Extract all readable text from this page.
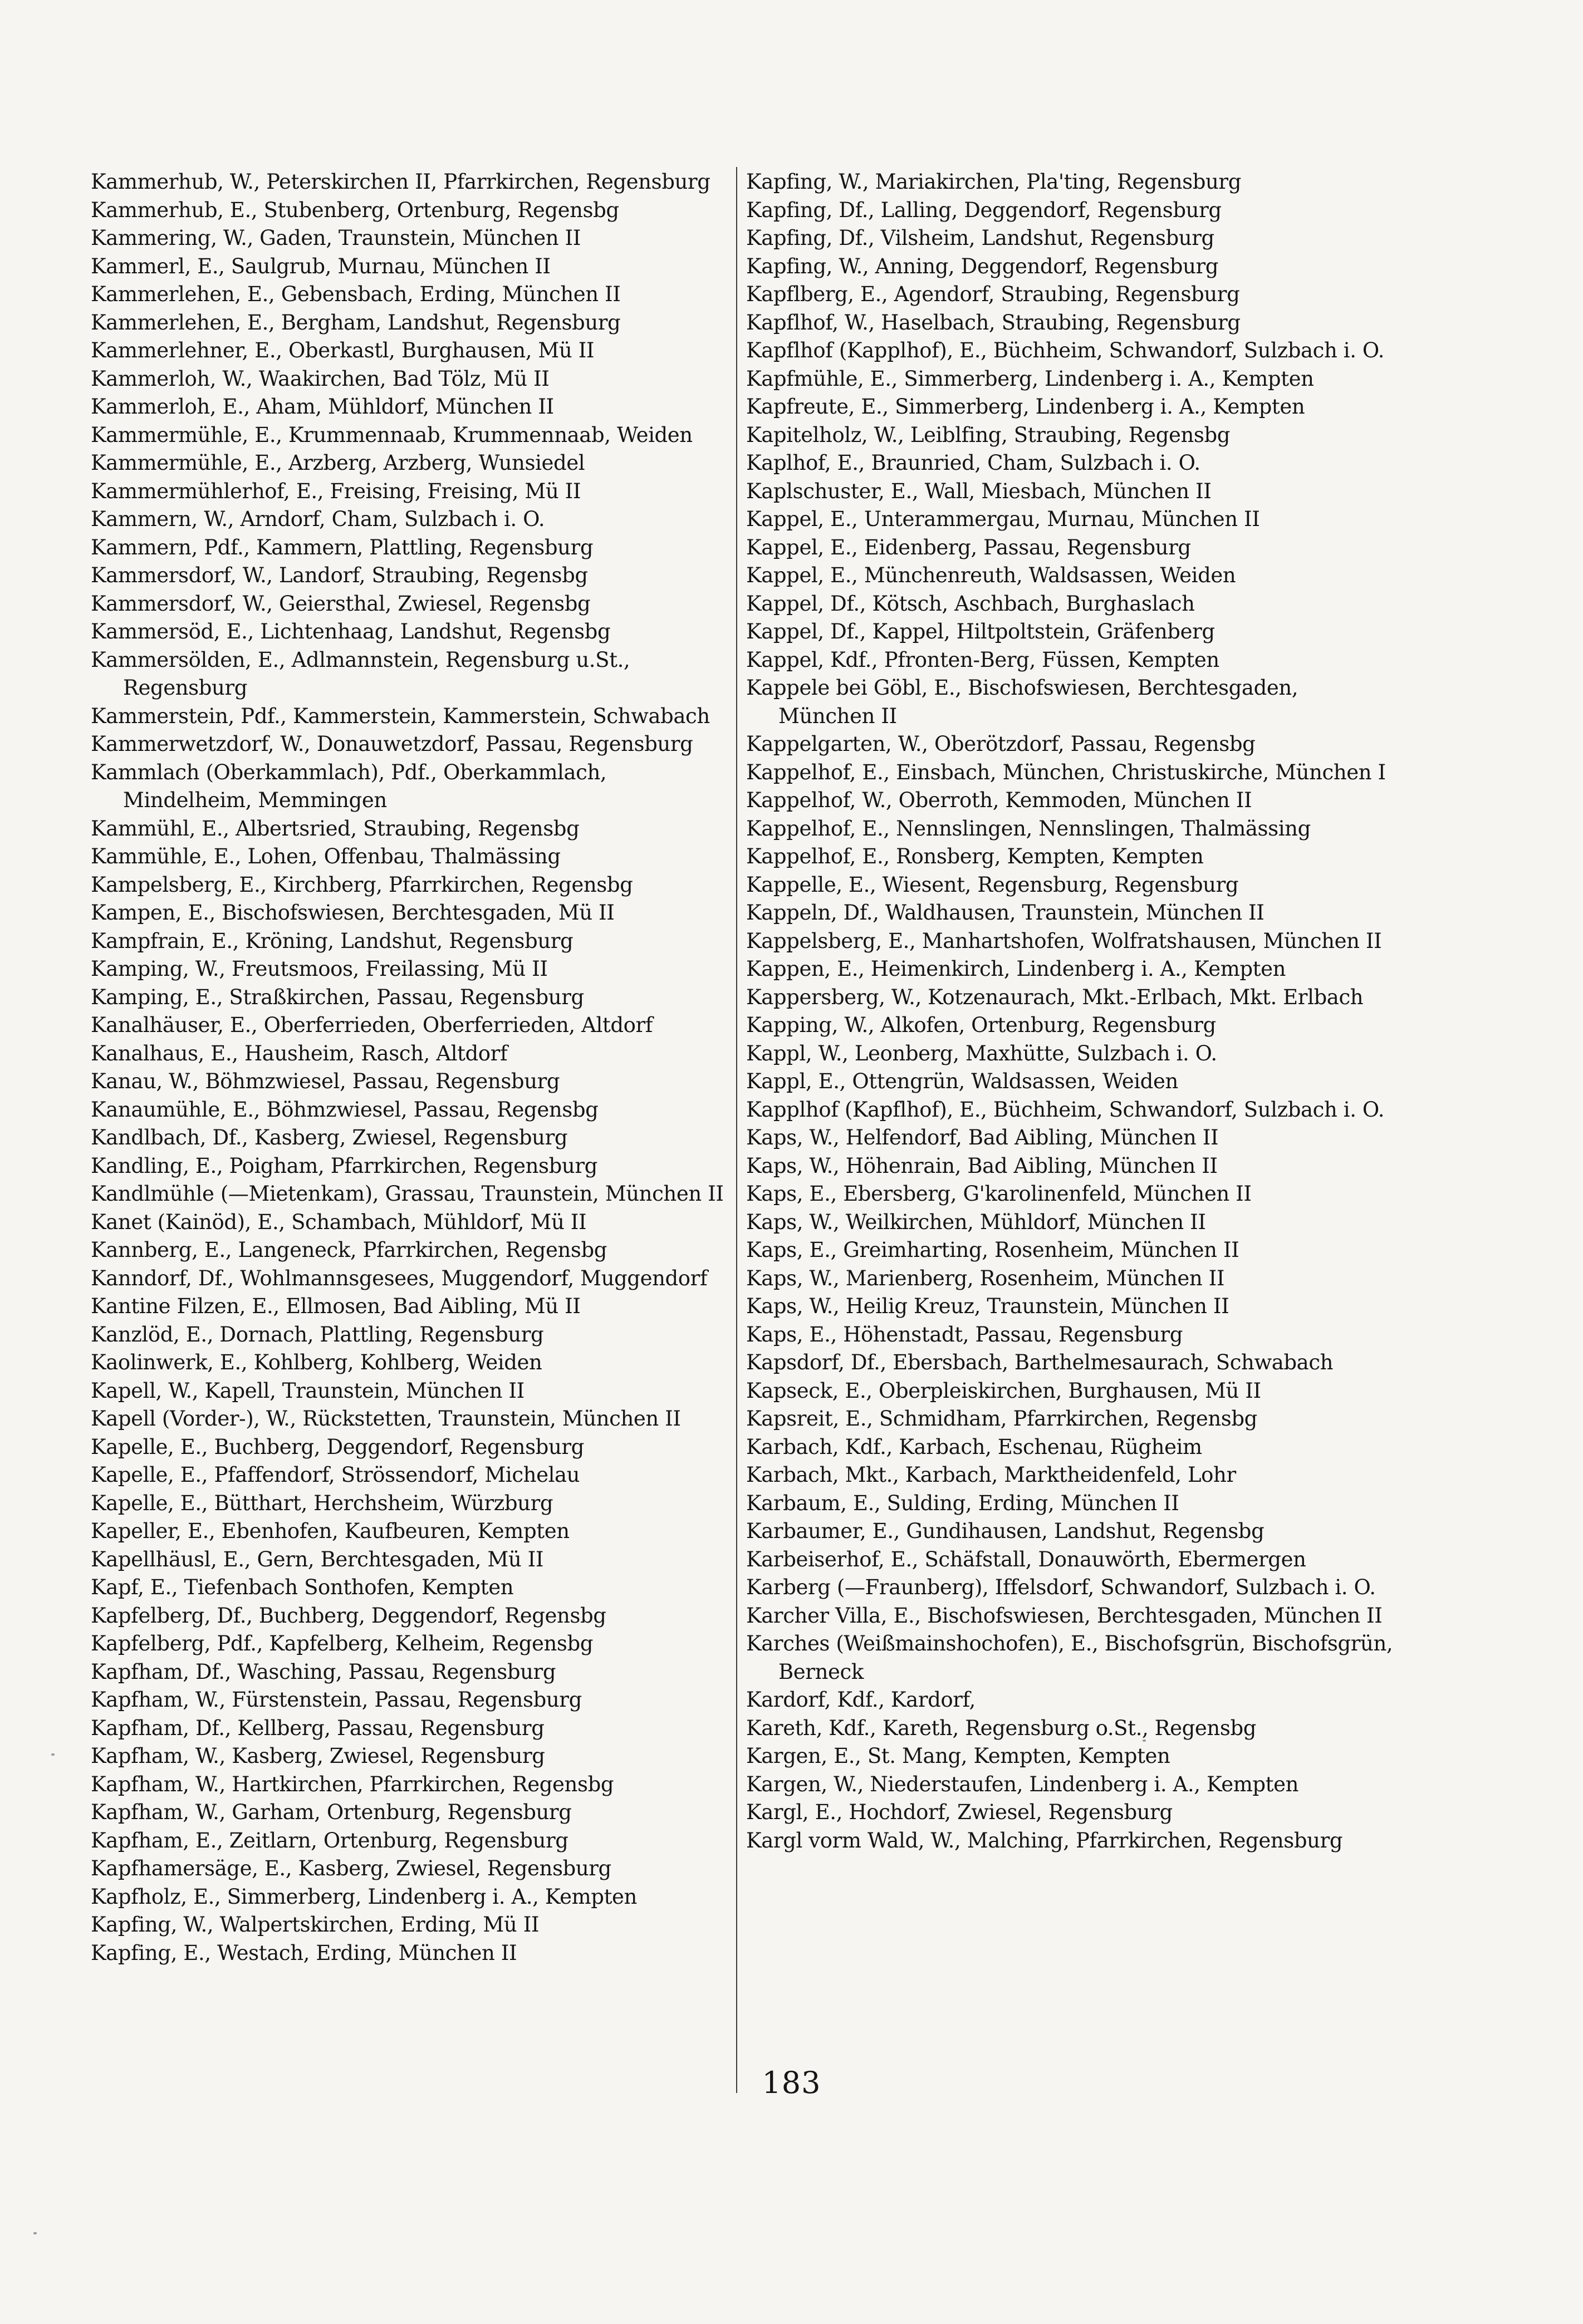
Kammerhub, W., Peterskirchen II, Pfarrkirchen, Regensburg

Kammerhub, E., Stubenberg, Ortenburg, Regensbg

Kammering, W., Gaden, Traunstein, München II

Kammerl, E., Saulgrub, Murnau, München II

Kammerlehen, E., Gebensbach, Erding, München II

Kammerlehen, E., Bergham, Landshut, Regensburg

Kammerlehner, E., Oberkastl, Burghausen, Mü II

Kammerloh, W., Waakirchen, Bad Tölz, Mü II

Kammerloh, E., Aham, Mühldorf, München II

Kammermühle, E., Krummennaab, Krummennaab, Weiden

Kammermühle, E., Arzberg, Arzberg, Wunsiedel

Kammermühlerhof, E., Freising, Freising, Mü II

Kammern, W., Arndorf, Cham, Sulzbach i. O.

Kammern, Pdf., Kammern, Plattling, Regensburg

Kammersdorf, W., Landorf, Straubing, Regensbg

Kammersdorf, W., Geiersthal, Zwiesel, Regensbg

Kammersöd, E., Lichtenhaag, Landshut, Regensbg

Kammersölden, E., Adlmannstein, Regensburg u.St., Regensburg

Kammerstein, Pdf., Kammerstein, Kammerstein, Schwabach

Kammerwetzdorf, W., Donauwetzdorf, Passau, Regensburg

Kammlach (Oberkammlach), Pdf., Oberkammlach, Mindelheim, Memmingen

Kammühl, E., Albertsried, Straubing, Regensbg

Kammühle, E., Lohen, Offenbau, Thalmässing

Kampelsberg, E., Kirchberg, Pfarrkirchen, Regensbg

Kampen, E., Bischofswiesen, Berchtesgaden, Mü II

Kampfrain, E., Kröning, Landshut, Regensburg

Kamping, W., Freutsmoos, Freilassing, Mü II

Kamping, E., Straßkirchen, Passau, Regensburg

Kanalhäuser, E., Oberferrieden, Oberferrieden, Altdorf

Kanalhaus, E., Hausheim, Rasch, Altdorf

Kanau, W., Böhmzwiesel, Passau, Regensburg

Kanaumühle, E., Böhmzwiesel, Passau, Regensbg

Kandlbach, Df., Kasberg, Zwiesel, Regensburg

Kandling, E., Poigham, Pfarrkirchen, Regensburg

Kandlmühle (—Mietenkam), Grassau, Traunstein, München II

Kanet (Kainöd), E., Schambach, Mühldorf, Mü II

Kannberg, E., Langeneck, Pfarrkirchen, Regensbg

Kanndorf, Df., Wohlmannsgesees, Muggendorf, Muggendorf

Kantine Filzen, E., Ellmosen, Bad Aibling, Mü II

Kanzlöd, E., Dornach, Plattling, Regensburg

Kaolinwerk, E., Kohlberg, Kohlberg, Weiden

Kapell, W., Kapell, Traunstein, München II

Kapell (Vorder-), W., Rückstetten, Traunstein, München II

Kapelle, E., Buchberg, Deggendorf, Regensburg

Kapelle, E., Pfaffendorf, Strössendorf, Michelau

Kapelle, E., Bütthart, Herchsheim, Würzburg

Kapeller, E., Ebenhofen, Kaufbeuren, Kempten

Kapellhäusl, E., Gern, Berchtesgaden, Mü II

Kapf, E., Tiefenbach Sonthofen, Kempten

Kapfelberg, Df., Buchberg, Deggendorf, Regensbg

Kapfelberg, Pdf., Kapfelberg, Kelheim, Regensbg

Kapfham, Df., Wasching, Passau, Regensburg

Kapfham, W., Fürstenstein, Passau, Regensburg

Kapfham, Df., Kellberg, Passau, Regensburg

Kapfham, W., Kasberg, Zwiesel, Regensburg

Kapfham, W., Hartkirchen, Pfarrkirchen, Regensbg

Kapfham, W., Garham, Ortenburg, Regensburg

Kapfham, E., Zeitlarn, Ortenburg, Regensburg

Kapfhamersäge, E., Kasberg, Zwiesel, Regensburg

Kapfholz, E., Simmerberg, Lindenberg i. A., Kempten

Kapfing, W., Walpertskirchen, Erding, Mü II

Kapfing, E., Westach, Erding, München II

Kapfing, W., Mariakirchen, Pla'ting, Regensburg

Kapfing, Df., Lalling, Deggendorf, Regensburg

Kapfing, Df., Vilsheim, Landshut, Regensburg

Kapfing, W., Anning, Deggendorf, Regensburg

Kapflberg, E., Agendorf, Straubing, Regensburg

Kapflhof, W., Haselbach, Straubing, Regensburg

Kapflhof (Kapplhof), E., Büchheim, Schwandorf, Sulzbach i. O.

Kapfmühle, E., Simmerberg, Lindenberg i. A., Kempten

Kapfreute, E., Simmerberg, Lindenberg i. A., Kempten

Kapitelholz, W., Leiblfing, Straubing, Regensbg

Kaplhof, E., Braunried, Cham, Sulzbach i. O.

Kaplschuster, E., Wall, Miesbach, München II

Kappel, E., Unterammergau, Murnau, München II

Kappel, E., Eidenberg, Passau, Regensburg

Kappel, E., Münchenreuth, Waldsassen, Weiden

Kappel, Df., Kötsch, Aschbach, Burghaslach

Kappel, Df., Kappel, Hiltpoltstein, Gräfenberg

Kappel, Kdf., Pfronten-Berg, Füssen, Kempten

Kappele bei Göbl, E., Bischofswiesen, Berchtesgaden, München II

Kappelgarten, W., Oberötzdorf, Passau, Regensbg

Kappelhof, E., Einsbach, München, Christuskirche, München I

Kappelhof, W., Oberroth, Kemmoden, München II

Kappelhof, E., Nennslingen, Nennslingen, Thalmässing

Kappelhof, E., Ronsberg, Kempten, Kempten

Kappelle, E., Wiesent, Regensburg, Regensburg

Kappeln, Df., Waldhausen, Traunstein, München II

Kappelsberg, E., Manhartshofen, Wolfratshausen, München II

Kappen, E., Heimenkirch, Lindenberg i. A., Kempten

Kappersberg, W., Kotzenaurach, Mkt.-Erlbach, Mkt. Erlbach

Kapping, W., Alkofen, Ortenburg, Regensburg

Kappl, W., Leonberg, Maxhütte, Sulzbach i. O.

Kappl, E., Ottengrün, Waldsassen, Weiden

Kapplhof (Kapflhof), E., Büchheim, Schwandorf, Sulzbach i. O.

Kaps, W., Helfendorf, Bad Aibling, München II

Kaps, W., Höhenrain, Bad Aibling, München II

Kaps, E., Ebersberg, G'karolinenfeld, München II

Kaps, W., Weilkirchen, Mühldorf, München II

Kaps, E., Greimharting, Rosenheim, München II

Kaps, W., Marienberg, Rosenheim, München II

Kaps, W., Heilig Kreuz, Traunstein, München II

Kaps, E., Höhenstadt, Passau, Regensburg

Kapsdorf, Df., Ebersbach, Barthelmesaurach, Schwabach

Kapseck, E., Oberpleiskirchen, Burghausen, Mü II

Kapsreit, E., Schmidham, Pfarrkirchen, Regensbg

Karbach, Kdf., Karbach, Eschenau, Rügheim

Karbach, Mkt., Karbach, Marktheidenfeld, Lohr

Karbaum, E., Sulding, Erding, München II

Karbaumer, E., Gundihausen, Landshut, Regensbg

Karbeiserhof, E., Schäfstall, Donauwörth, Ebermergen

Karberg (—Fraunberg), Iffelsdorf, Schwandorf, Sulzbach i. O.

Karcher Villa, E., Bischofswiesen, Berchtesgaden, München II

Karches (Weißmainshochofen), E., Bischofsgrün, Bischofsgrün, Berneck

Kardorf, Kdf., Kardorf,

Kareth, Kdf., Kareth, Regensburg o.St., Regensbg

Kargen, E., St. Mang, Kempten, Kempten

Kargen, W., Niederstaufen, Lindenberg i. A., Kempten

Kargl, E., Hochdorf, Zwiesel, Regensburg

Kargl vorm Wald, W., Malching, Pfarrkirchen, Regensburg

183
